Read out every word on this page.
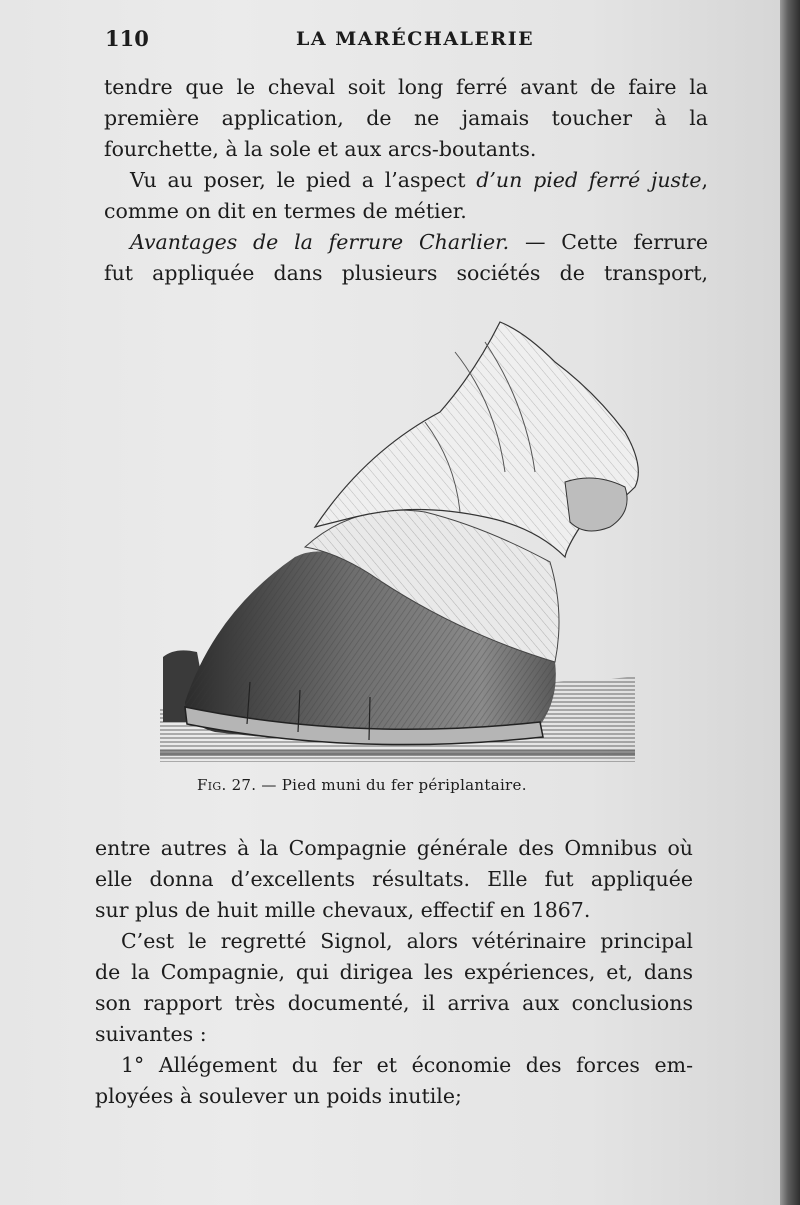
110	LA MARÉCHALERIE
tendre que le cheval soit long ferré avant de faire la
première application, de ne jamais toucher à la
fourchette, à la sole et aux arcs-boutants.
Vu au poser, le pied a l’aspect d’un pied ferré juste,
comme on dit en termes de métier.
Avantages de la ferrure Charlier. — Cette ferrure
fut appliquée dans plusieurs sociétés de transport,
Fig. 27. — Pied muni du fer périplantaire.
entre autres à la Compagnie générale des Omnibus où
elle donna d’excellents résultats. Elle fut appliquée
sur plus de huit mille chevaux, effectif en 1867.
C’est le regretté Signol, alors vétérinaire principal
de la Compagnie, qui dirigea les expériences, et, dans
son rapport très documenté, il arriva aux conclusions
suivantes :
1° Allégement du fer et économie des forces em-
ployées à soulever un poids inutile;
